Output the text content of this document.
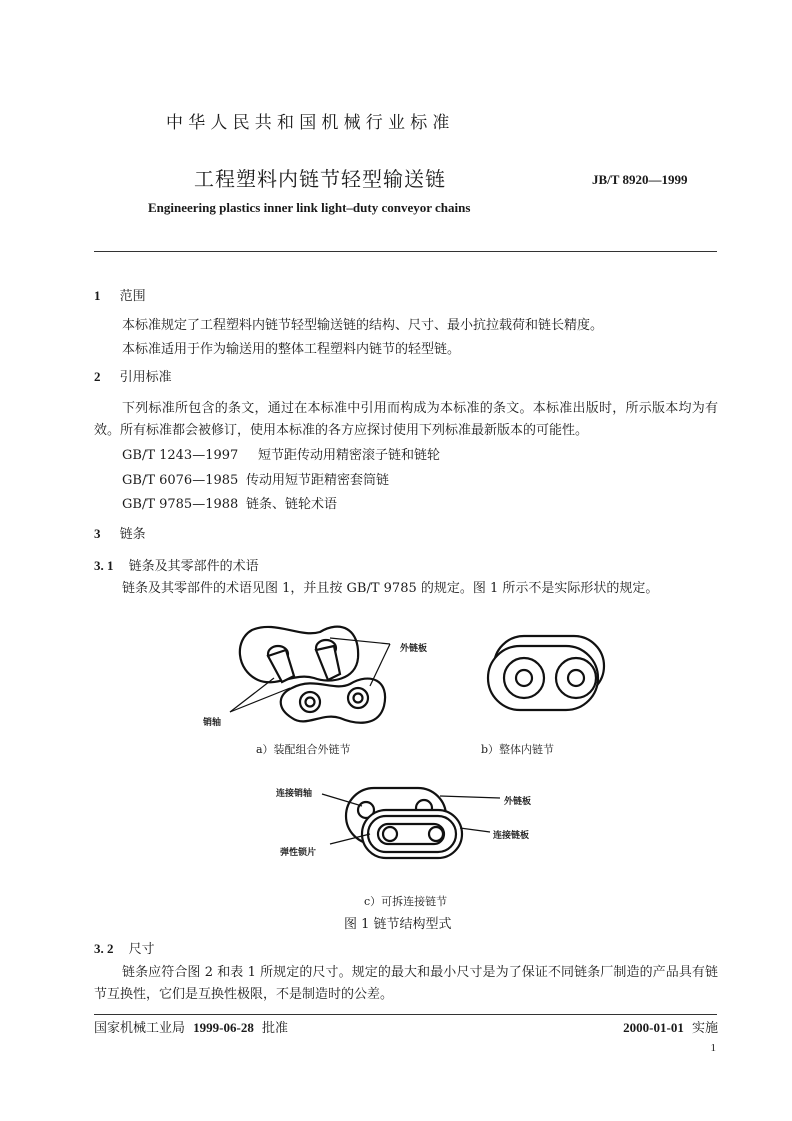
中华人民共和国机械行业标准
工程塑料内链节轻型输送链	JB/T 8920—1999
Engineering plastics inner link light–duty conveyor chains
1 范围
本标准规定了工程塑料内链节轻型输送链的结构、尺寸、最小抗拉载荷和链长精度。
本标准适用于作为输送用的整体工程塑料内链节的轻型链。
2 引用标准
下列标准所包含的条文，通过在本标准中引用而构成为本标准的条文。本标准出版时，所示版本均为有效。所有标准都会被修订，使用本标准的各方应探讨使用下列标准最新版本的可能性。
GB/T 1243—1997 短节距传动用精密滚子链和链轮
GB/T 6076—1985 传动用短节距精密套筒链
GB/T 9785—1988 链条、链轮术语
3 链条
3. 1 链条及其零部件的术语
链条及其零部件的术语见图 1，并且按 GB/T 9785 的规定。图 1 所示不是实际形状的规定。
外链板
销轴
a）装配组合外链节	b）整体内链节
连接销轴
外链板
连接链板
弹性锁片
c）可拆连接链节
图 1 链节结构型式
3. 2 尺寸
链条应符合图 2 和表 1 所规定的尺寸。规定的最大和最小尺寸是为了保证不同链条厂制造的产品具有链节互换性，它们是互换性极限，不是制造时的公差。
国家机械工业局 1999-06-28 批准	2000-01-01 实施
1
